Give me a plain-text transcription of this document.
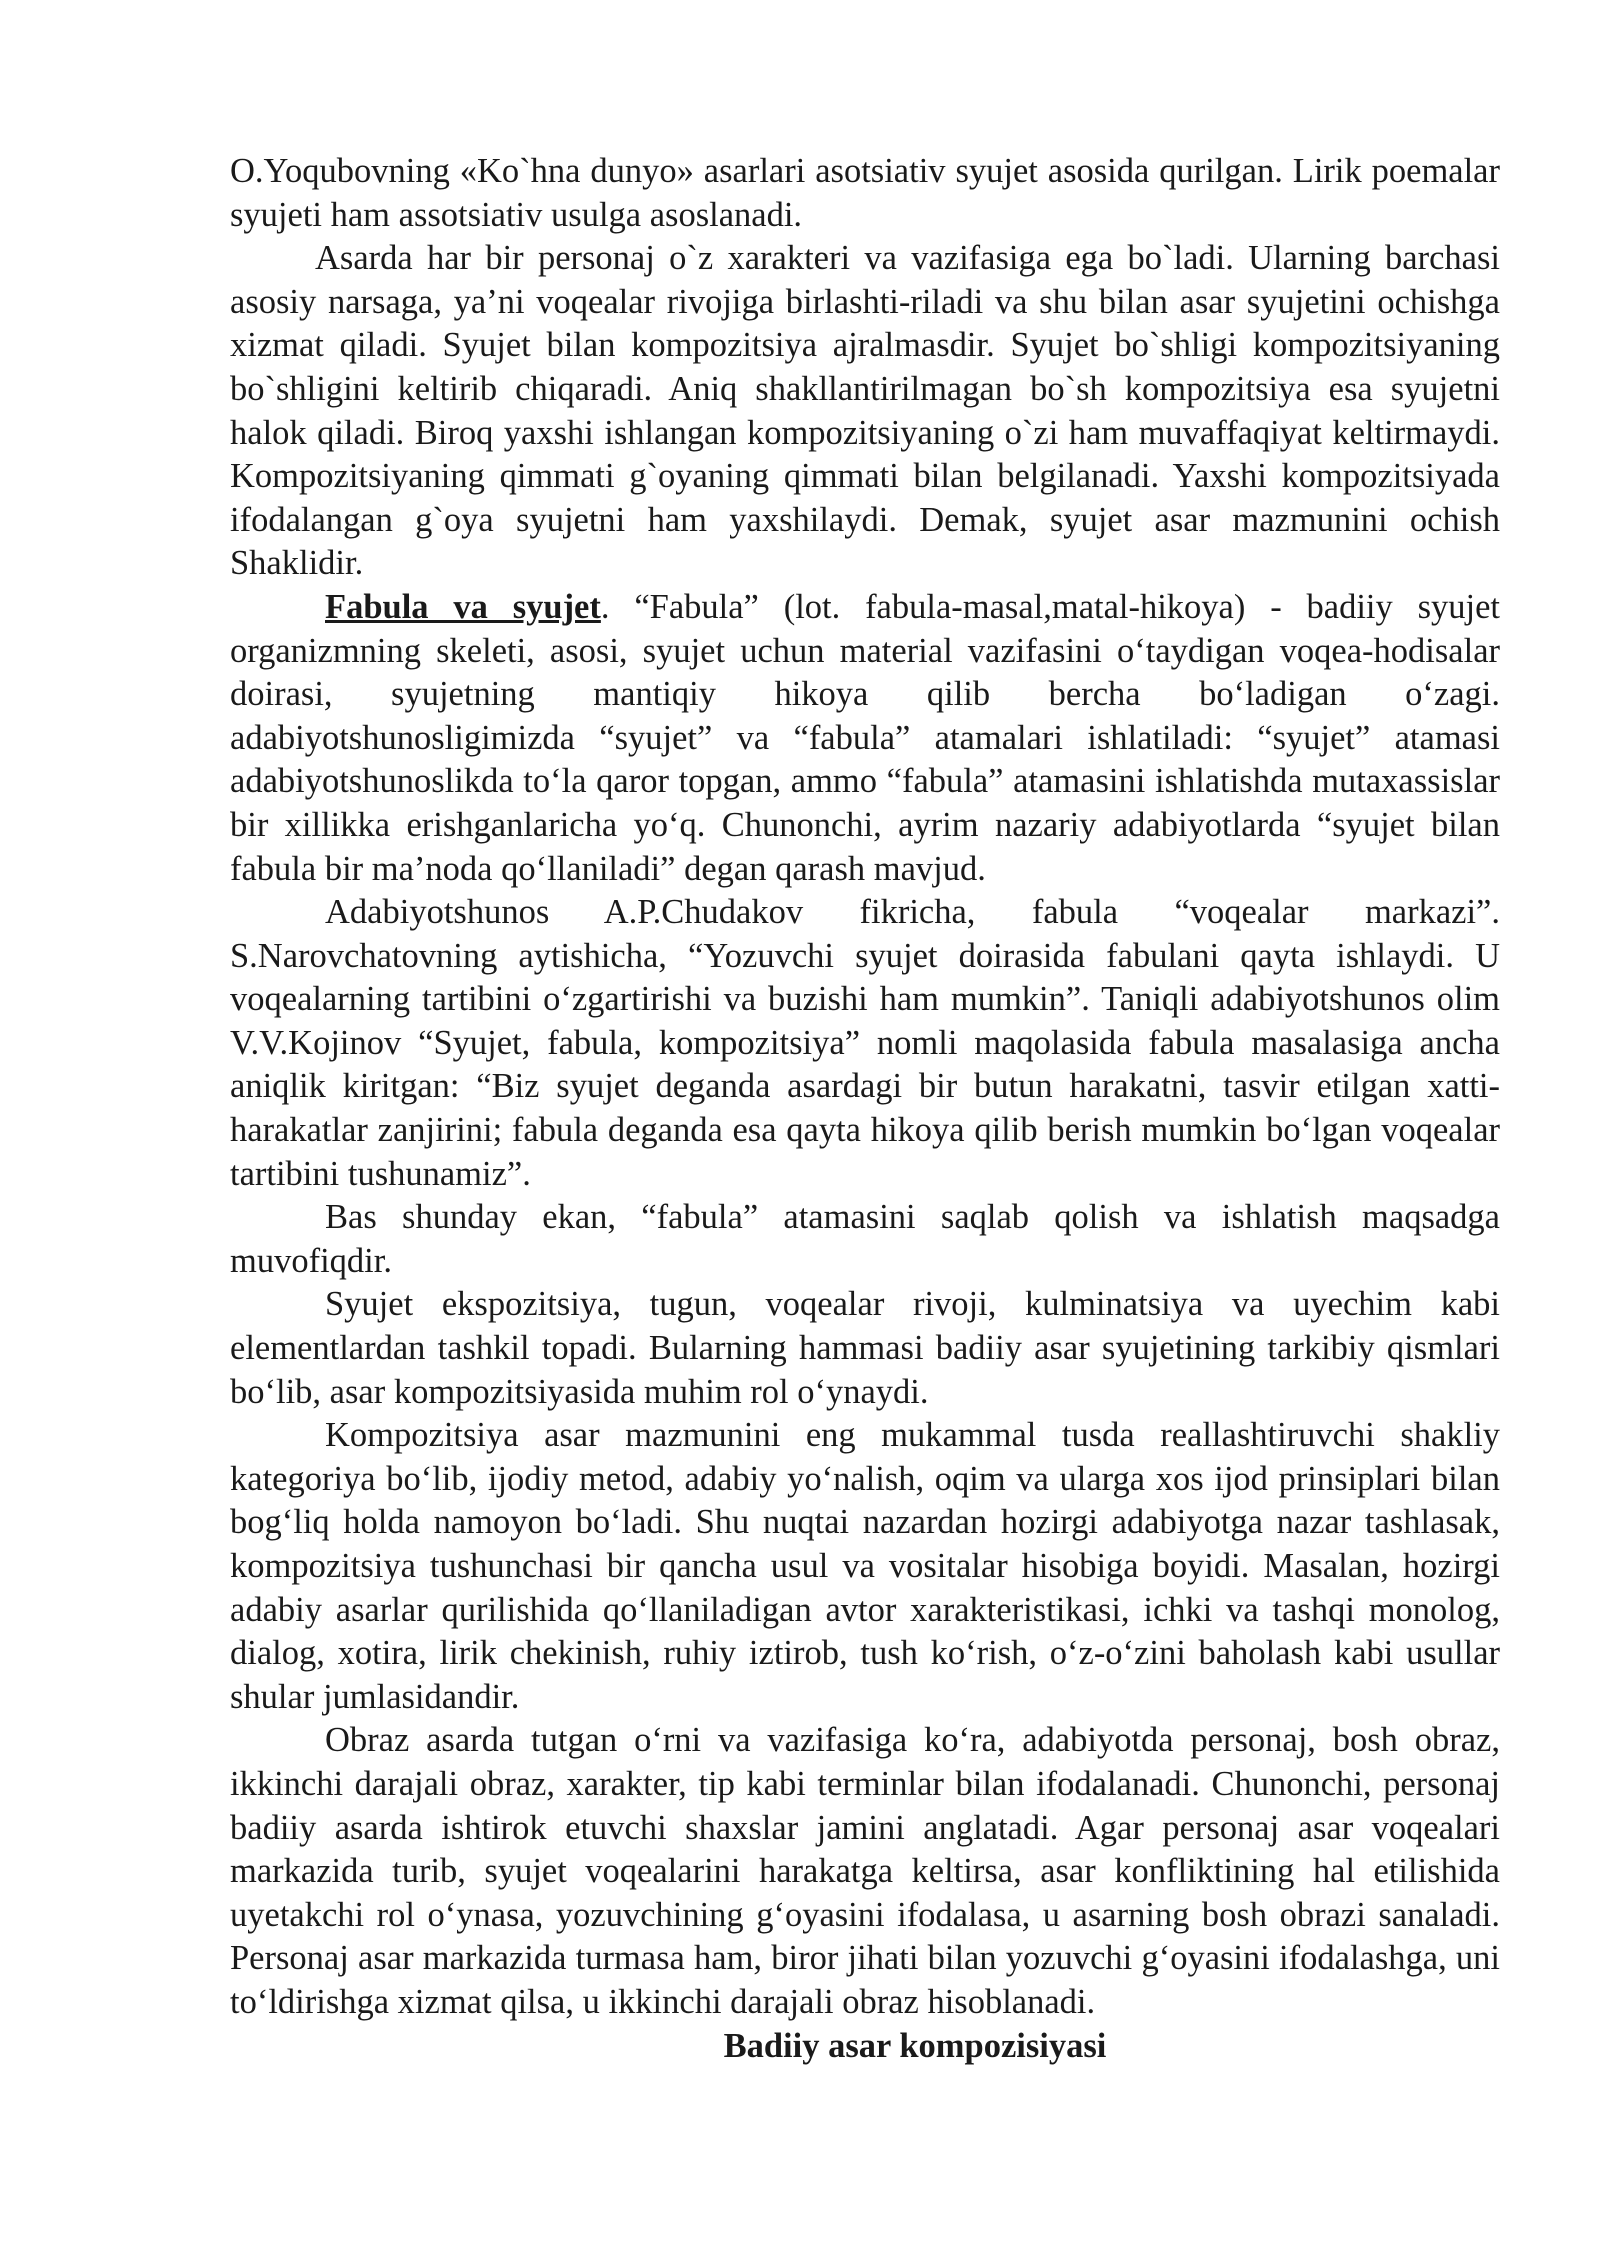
O.Yoqubovning «Ko`hna dunyo» asarlari asotsiativ syujet asosida qurilgan. Lirik poemalar syujeti ham assotsiativ usulga asoslanadi.

Asarda har bir personaj o`z xarakteri va vazifasiga ega bo`ladi. Ularning barchasi asosiy narsaga, ya’ni voqealar rivojiga birlashti-riladi va shu bilan asar syujetini ochishga xizmat qiladi. Syujet bilan kompozitsiya ajralmasdir. Syujet bo`shligi kompozitsiyaning bo`shligini keltirib chiqaradi. Aniq shakllantirilmagan bo`sh kompozitsiya esa syujetni halok qiladi. Biroq yaxshi ishlangan kompozitsiyaning o`zi ham muvaffaqiyat keltirmaydi. Kompozitsiyaning qimmati g`oyaning qimmati bilan belgilanadi. Yaxshi kompozitsiyada ifodalangan g`oya syujetni ham yaxshilaydi. Demak, syujet asar mazmunini ochish Shaklidir.

Fabula va syujet. “Fabula” (lot. fabula-masal,matal-hikoya) - badiiy syujet organizmning skeleti, asosi, syujet uchun material vazifasini o‘taydigan voqea-hodisalar doirasi, syujetning mantiqiy hikoya qilib bercha bo‘ladigan o‘zagi. adabiyotshunosligimizda “syujet” va “fabula” atamalari ishlatiladi: “syujet” atamasi adabiyotshunoslikda to‘la qaror topgan, ammo “fabula” atamasini ishlatishda mutaxassislar bir xillikka erishganlaricha yo‘q. Chunonchi, ayrim nazariy adabiyotlarda “syujet bilan fabula bir ma’noda qo‘llaniladi” degan qarash mavjud.

Adabiyotshunos A.P.Chudakov fikricha, fabula “voqealar markazi”. S.Narovchatovning aytishicha, “Yozuvchi syujet doirasida fabulani qayta ishlaydi. U voqealarning tartibini o‘zgartirishi va buzishi ham mumkin”. Taniqli adabiyotshunos olim V.V.Kojinov “Syujet, fabula, kompozitsiya” nomli maqolasida fabula masalasiga ancha aniqlik kiritgan: “Biz syujet deganda asardagi bir butun harakatni, tasvir etilgan xatti-harakatlar zanjirini; fabula deganda esa qayta hikoya qilib berish mumkin bo‘lgan voqealar tartibini tushunamiz”.

Bas shunday ekan, “fabula” atamasini saqlab qolish va ishlatish maqsadga muvofiqdir.

Syujet ekspozitsiya, tugun, voqealar rivoji, kulminatsiya va uyechim kabi elementlardan tashkil topadi. Bularning hammasi badiiy asar syujetining tarkibiy qismlari bo‘lib, asar kompozitsiyasida muhim rol o‘ynaydi.

Kompozitsiya asar mazmunini eng mukammal tusda reallashtiruvchi shakliy kategoriya bo‘lib, ijodiy metod, adabiy yo‘nalish, oqim va ularga xos ijod prinsiplari bilan bog‘liq holda namoyon bo‘ladi. Shu nuqtai nazardan hozirgi adabiyotga nazar tashlasak, kompozitsiya tushunchasi bir qancha usul va vositalar hisobiga boyidi. Masalan, hozirgi adabiy asarlar qurilishida qo‘llaniladigan avtor xarakteristikasi, ichki va tashqi monolog, dialog, xotira, lirik chekinish, ruhiy iztirob, tush ko‘rish, o‘z-o‘zini baholash kabi usullar shular jumlasidandir.

Obraz asarda tutgan o‘rni va vazifasiga ko‘ra, adabiyotda personaj, bosh obraz, ikkinchi darajali obraz, xarakter, tip kabi terminlar bilan ifodalanadi. Chunonchi, personaj badiiy asarda ishtirok etuvchi shaxslar jamini anglatadi. Agar personaj asar voqealari markazida turib, syujet voqealarini harakatga keltirsa, asar konfliktining hal etilishida uyetakchi rol o‘ynasa, yozuvchining g‘oyasini ifodalasa, u asarning bosh obrazi sanaladi. Personaj asar markazida turmasa ham, biror jihati bilan yozuvchi g‘oyasini ifodalashga, uni to‘ldirishga xizmat qilsa, u ikkinchi darajali obraz hisoblanadi.

Badiiy asar kompozisiyasi
